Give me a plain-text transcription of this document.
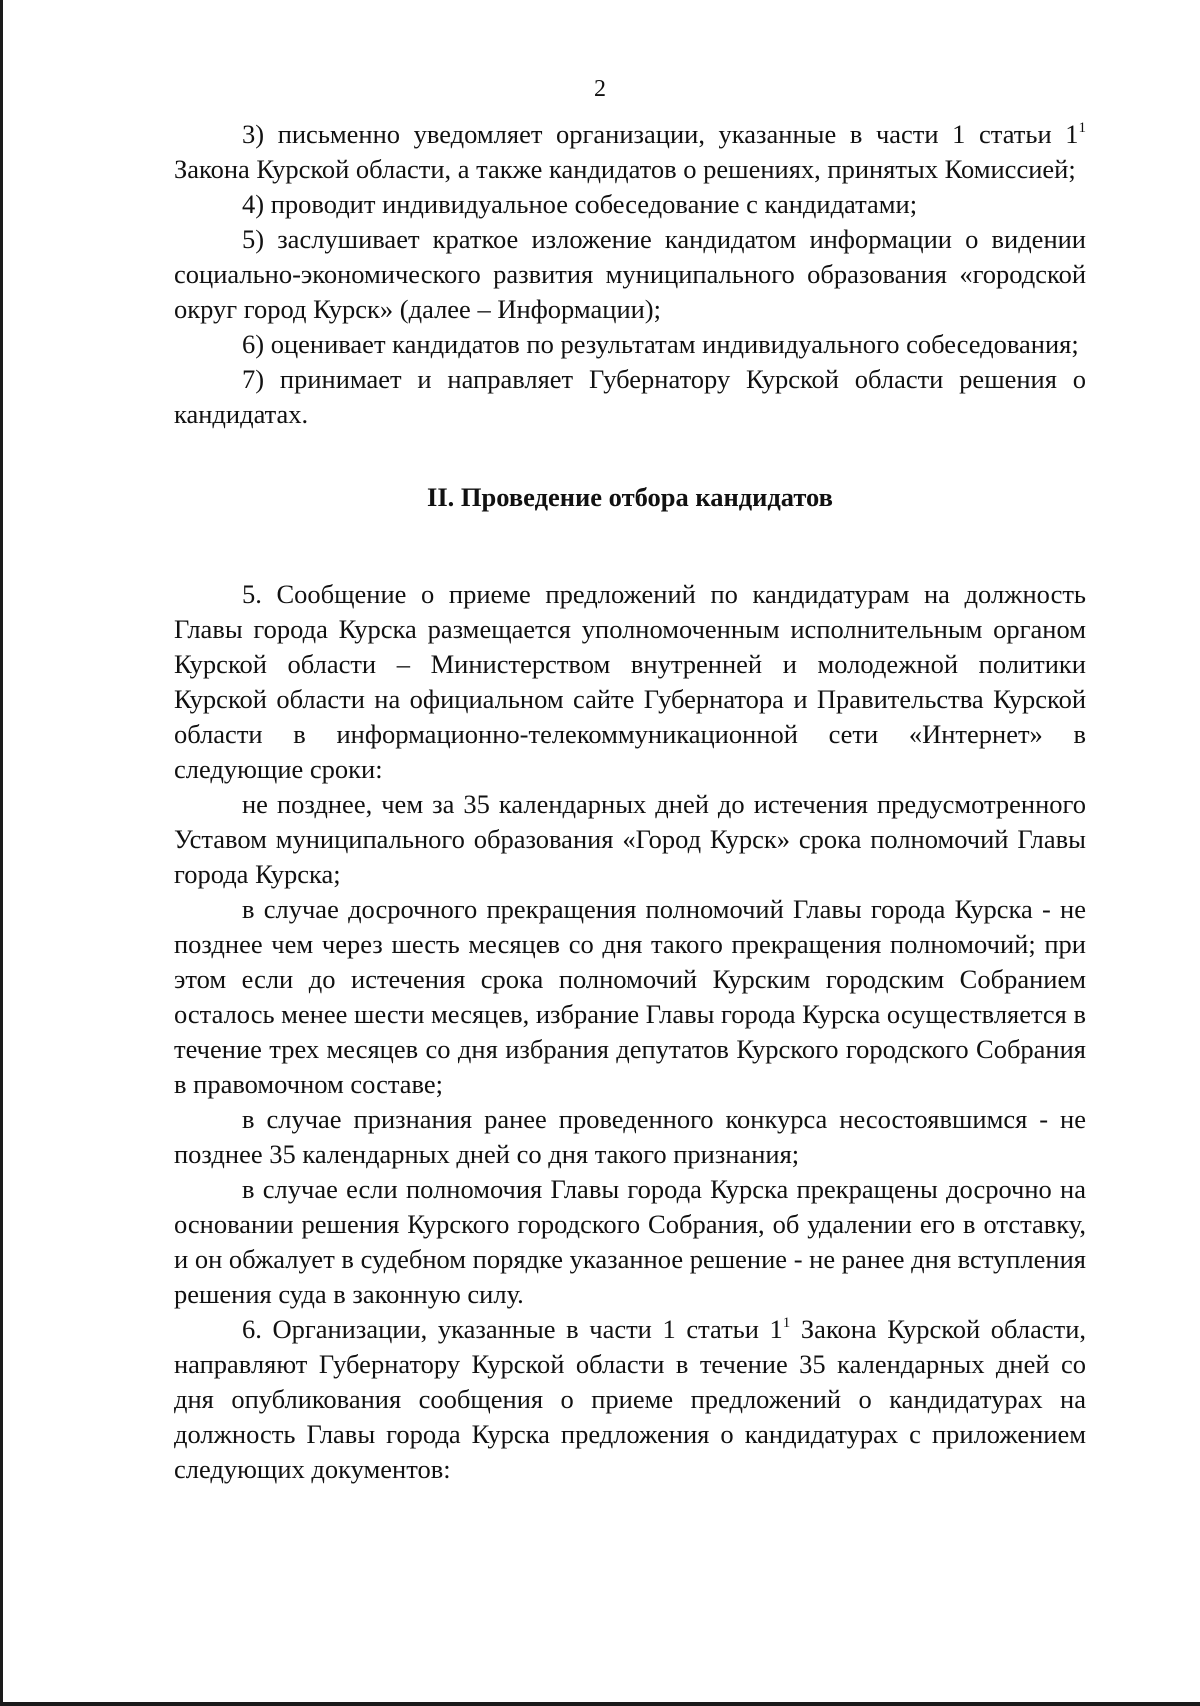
2

3) письменно уведомляет организации, указанные в части 1 статьи $1^1$ Закона Курской области, а также кандидатов о решениях, принятых Комиссией;

4) проводит индивидуальное собеседование с кандидатами;

5) заслушивает краткое изложение кандидатом информации о видении социально-экономического развития муниципального образования «городской округ город Курск» (далее – Информации);

6) оценивает кандидатов по результатам индивидуального собеседования;

7) принимает и направляет Губернатору Курской области решения о кандидатах.

II. Проведение отбора кандидатов

5. Сообщение о приеме предложений по кандидатурам на должность Главы города Курска размещается уполномоченным исполнительным органом Курской области – Министерством внутренней и молодежной политики Курской области на официальном сайте Губернатора и Правительства Курской области в информационно-телекоммуникационной сети «Интернет» в следующие сроки:

не позднее, чем за 35 календарных дней до истечения предусмотренного Уставом муниципального образования «Город Курск» срока полномочий Главы города Курска;

в случае досрочного прекращения полномочий Главы города Курска - не позднее чем через шесть месяцев со дня такого прекращения полномочий; при этом если до истечения срока полномочий Курским городским Собранием осталось менее шести месяцев, избрание Главы города Курска осуществляется в течение трех месяцев со дня избрания депутатов Курского городского Собрания в правомочном составе;

в случае признания ранее проведенного конкурса несостоявшимся - не позднее 35 календарных дней со дня такого признания;

в случае если полномочия Главы города Курска прекращены досрочно на основании решения Курского городского Собрания, об удалении его в отставку, и он обжалует в судебном порядке указанное решение - не ранее дня вступления решения суда в законную силу.

6. Организации, указанные в части 1 статьи $1^1$ Закона Курской области, направляют Губернатору Курской области в течение 35 календарных дней со дня опубликования сообщения о приеме предложений о кандидатурах на должность Главы города Курска предложения о кандидатурах с приложением следующих документов:
